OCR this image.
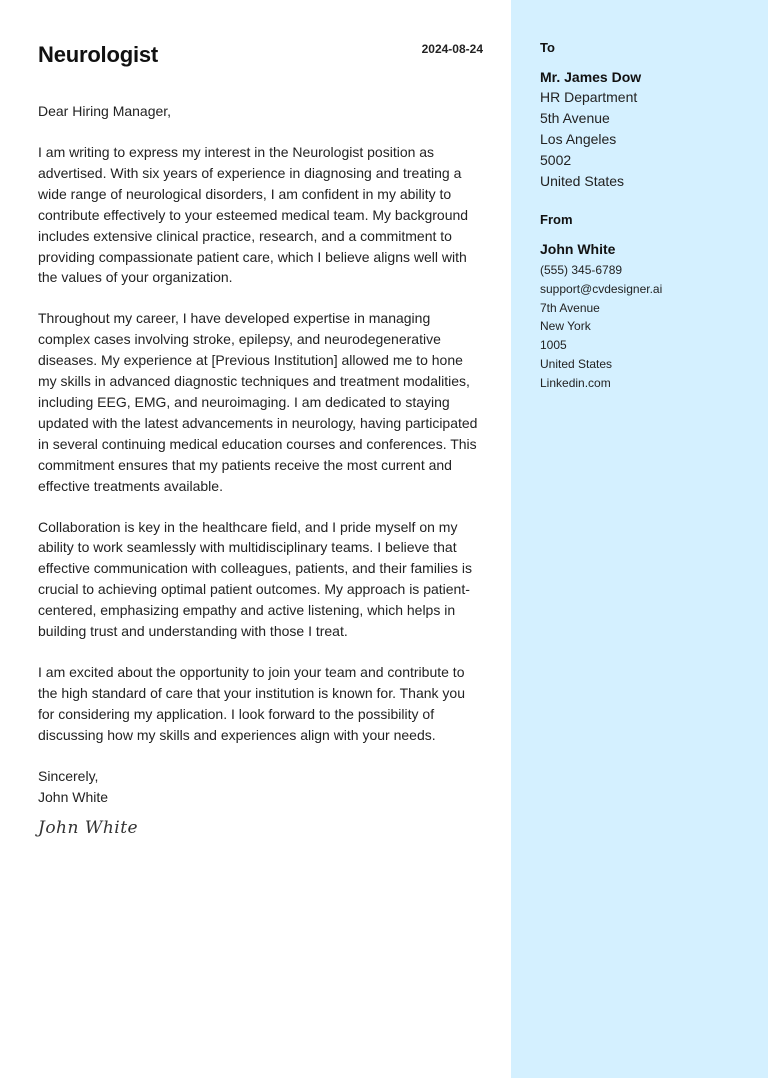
Neurologist	2024-08-24
Dear Hiring Manager,

I am writing to express my interest in the Neurologist position as advertised. With six years of experience in diagnosing and treating a wide range of neurological disorders, I am confident in my ability to contribute effectively to your esteemed medical team. My background includes extensive clinical practice, research, and a commitment to providing compassionate patient care, which I believe aligns well with the values of your organization.

Throughout my career, I have developed expertise in managing complex cases involving stroke, epilepsy, and neurodegenerative diseases. My experience at [Previous Institution] allowed me to hone my skills in advanced diagnostic techniques and treatment modalities, including EEG, EMG, and neuroimaging. I am dedicated to staying updated with the latest advancements in neurology, having participated in several continuing medical education courses and conferences. This commitment ensures that my patients receive the most current and effective treatments available.

Collaboration is key in the healthcare field, and I pride myself on my ability to work seamlessly with multidisciplinary teams. I believe that effective communication with colleagues, patients, and their families is crucial to achieving optimal patient outcomes. My approach is patient-centered, emphasizing empathy and active listening, which helps in building trust and understanding with those I treat.

I am excited about the opportunity to join your team and contribute to the high standard of care that your institution is known for. Thank you for considering my application. I look forward to the possibility of discussing how my skills and experiences align with your needs.

Sincerely,
John White
John White
To
Mr. James Dow
HR Department
5th Avenue
Los Angeles
5002
United States
From
John White
(555) 345-6789
support@cvdesigner.ai
7th Avenue
New York
1005
United States
Linkedin.com
